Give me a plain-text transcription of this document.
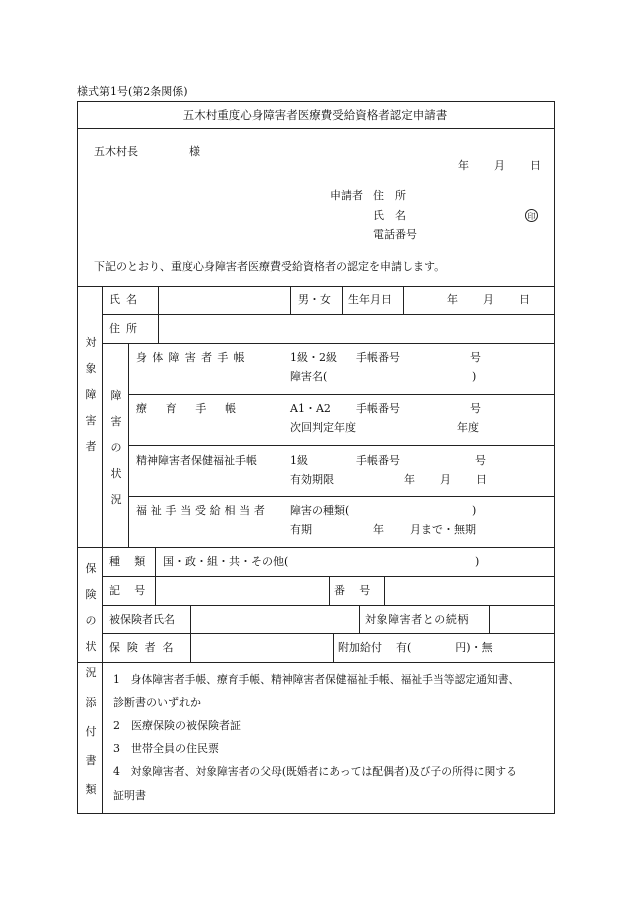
様式第1号(第2条関係)
五木村重度心身障害者医療費受給資格者認定申請書
五木村長	様
年 月 日
申請者 住　所
氏　名	印
電話番号
下記のとおり、重度心身障害者医療費受給資格者の認定を申請します。
対
象
障
害
者
氏名	男・女 生年月日	年 月 日
住所
障
害
の
状
況
身体障害者手帳	1級・2級 手帳番号	号
障害名(	)
療　育　手　帳	A1・A2 手帳番号	号
次回判定年度	年度
精神障害者保健福祉手帳	1級	手帳番号	号
有効期限	年 月 日
福祉手当受給相当者 障害の種類(	)
有期	年 月まで・無期
保
険
の
状
況
種類 国・政・組・共・その他(	)
記号	番号
被保険者氏名	対象障害者との続柄
保険者名	附加給付 有(　　　　円)・無
添
付
書
類
1　身体障害者手帳、療育手帳、精神障害者保健福祉手帳、福祉手当等認定通知書、
診断書のいずれか
2　医療保険の被保険者証
3　世帯全員の住民票
4　対象障害者、対象障害者の父母(既婚者にあっては配偶者)及び子の所得に関する
証明書
